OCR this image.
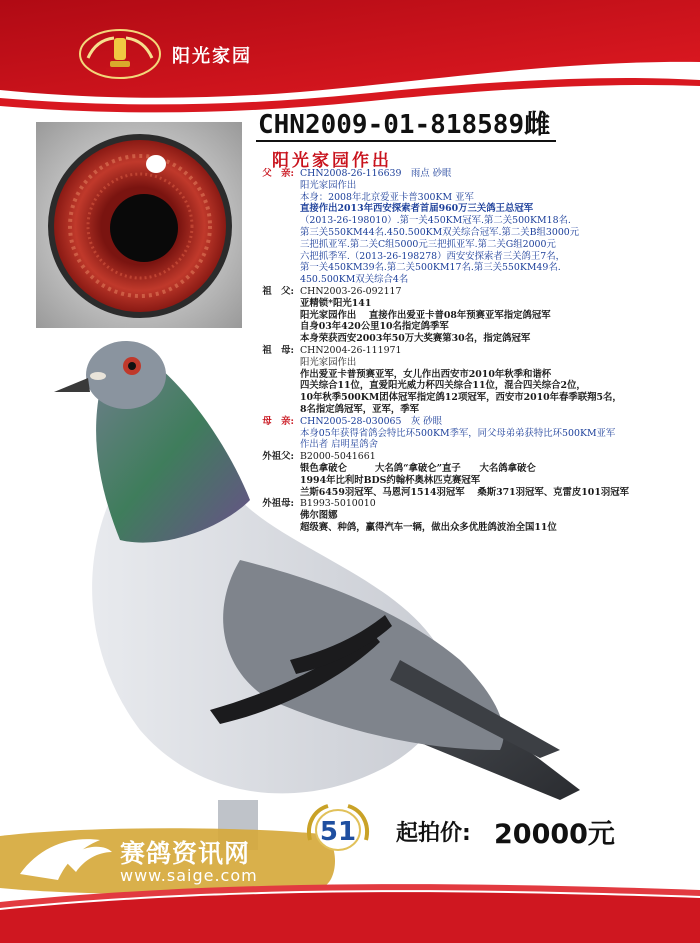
阳光家园
CHN2009-01-818589雌
阳光家园作出
父　亲: CHN2008-26-116639　雨点 砂眼
阳光家园作出
本身：2008年北京爱亚卡普300KM 亚军
直接作出2013年西安探索者首届960万三关鸽王总冠军
（2013-26-198010）.第一关450KM冠军.第二关500KM18名.
第三关550KM44名.450.500KM双关综合冠军.第二关B组3000元
三把抓亚军.第二关C组5000元三把抓亚军.第二关G组2000元
六把抓季军.（2013-26-198278）西安安探索者三关鸽王7名，
第一关450KM39名.第二关500KM17名.第三关550KM49名.
450.500KM双关综合4名
祖　父: CHN2003-26-092117
亚精锁*阳光141
阳光家园作出　 直接作出爱亚卡普08年预赛亚军指定鸽冠军
自身03年420公里10名指定鸽季军
本身荣获西安2003年50万大奖赛第30名，指定鸽冠军
祖　母: CHN2004-26-111971
阳光家园作出
作出爱亚卡普预赛亚军，女儿作出西安市2010年秋季和谐杯
四关综合11位，直爱阳光威力杯四关综合11位，混合四关综合2位，
10年秋季500KM团体冠军指定鸽12项冠军，西安市2010年春季联翔5名，
8名指定鸽冠军，亚军，季军
母　亲: CHN2005-28-030065　灰 砂眼
本身05年获得省鸽会特比环500KM季军，同父母弟弟获特比环500KM亚军
作出者 启明星鸽舍
外祖父: B2000-5041661
银色拿破仑　　　大名鸽“拿破仑”直子　　大名鸽拿破仑
1994年比利时BDS约翰杯奥林匹克赛冠军
兰斯6459羽冠军、马恩河1514羽冠军　 桑斯371羽冠军、克雷皮101羽冠军
外祖母: B1993-5010010
佛尔图娜
超级赛、种鸽，赢得汽车一辆，做出众多优胜鸽波治全国11位
赛鸽资讯网
www.saige.com
51 起拍价: 20000元
